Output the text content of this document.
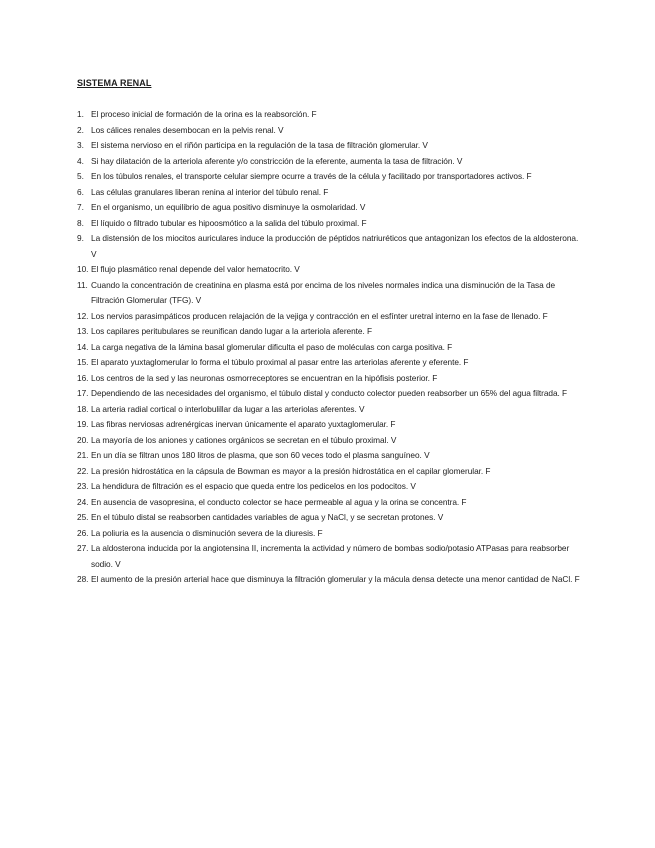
SISTEMA RENAL
1. El proceso inicial de formación de la orina es la reabsorción. F
2. Los cálices renales desembocan en la pelvis renal. V
3. El sistema nervioso en el riñón participa en la regulación de la tasa de filtración glomerular. V
4. Si hay dilatación de la arteriola aferente y/o constricción de la eferente, aumenta la tasa de filtración. V
5. En los túbulos renales, el transporte celular siempre ocurre a través de la célula y facilitado por transportadores activos. F
6. Las células granulares liberan renina al interior del túbulo renal. F
7. En el organismo, un equilibrio de agua positivo disminuye la osmolaridad. V
8. El líquido o filtrado tubular es hipoosmótico a la salida del túbulo proximal. F
9. La distensión de los miocitos auriculares induce la producción de péptidos natriuréticos que antagonizan los efectos de la aldosterona. V
10. El flujo plasmático renal depende del valor hematocrito. V
11. Cuando la concentración de creatinina en plasma está por encima de los niveles normales indica una disminución de la Tasa de Filtración Glomerular (TFG). V
12. Los nervios parasimpáticos producen relajación de la vejiga y contracción en el esfínter uretral interno en la fase de llenado. F
13. Los capilares peritubulares se reunifican dando lugar a la arteriola aferente. F
14. La carga negativa de la lámina basal glomerular dificulta el paso de moléculas con carga positiva. F
15. El aparato yuxtaglomerular lo forma el túbulo proximal al pasar entre las arteriolas aferente y eferente. F
16. Los centros de la sed y las neuronas osmorreceptores se encuentran en la hipófisis posterior. F
17. Dependiendo de las necesidades del organismo, el túbulo distal y conducto colector pueden reabsorber un 65% del agua filtrada. F
18. La arteria radial cortical o interlobulillar da lugar a las arteriolas aferentes. V
19. Las fibras nerviosas adrenérgicas inervan únicamente el aparato yuxtaglomerular. F
20. La mayoría de los aniones y cationes orgánicos se secretan en el túbulo proximal. V
21. En un día se filtran unos 180 litros de plasma, que son 60 veces todo el plasma sanguíneo. V
22. La presión hidrostática en la cápsula de Bowman es mayor a la presión hidrostática en el capilar glomerular. F
23. La hendidura de filtración es el espacio que queda entre los pedicelos en los podocitos. V
24. En ausencia de vasopresina, el conducto colector se hace permeable al agua y la orina se concentra. F
25. En el túbulo distal se reabsorben cantidades variables de agua y NaCl, y se secretan protones. V
26. La poliuria es la ausencia o disminución severa de la diuresis. F
27. La aldosterona inducida por la angiotensina II, incrementa la actividad y número de bombas sodio/potasio ATPasas para reabsorber sodio. V
28. El aumento de la presión arterial hace que disminuya la filtración glomerular y la mácula densa detecte una menor cantidad de NaCl. F
